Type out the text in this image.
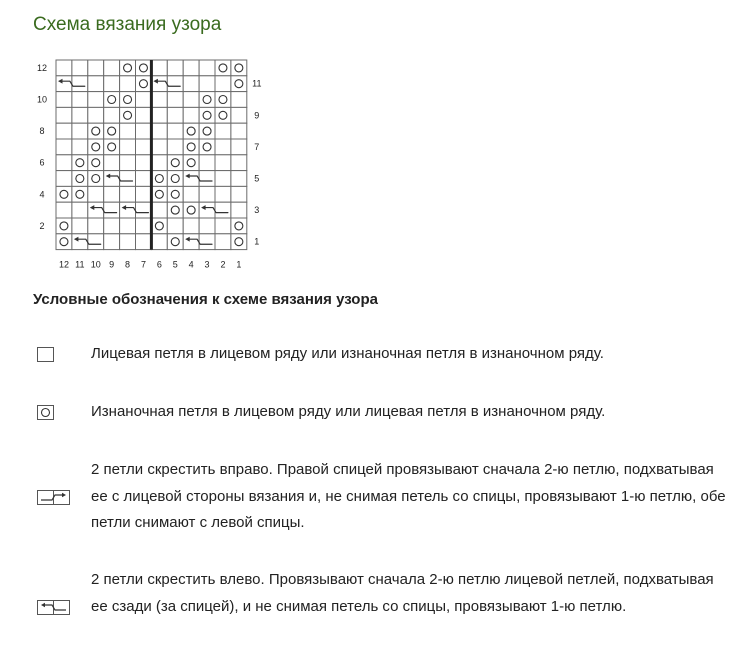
Схема вязания узора
12
10
8
6
4
2
11
9
7
5
3
1
12 11 10 9 8 7 6 5 4 3 2 1
Условные обозначения к схеме вязания узора
Лицевая петля в лицевом ряду или изнаночная петля в изнаночном ряду.
Изнаночная петля в лицевом ряду или лицевая петля в изнаночном ряду.
2 петли скрестить вправо. Правой спицей провязывают сначала 2-ю петлю, подхватывая ее с лицевой стороны вязания и, не снимая петель со спицы, провязывают 1-ю петлю, обе петли снимают с левой спицы.
2 петли скрестить влево. Провязывают сначала 2-ю петлю лицевой петлей, подхватывая ее сзади (за спицей), и не снимая петель со спицы, провязывают 1-ю петлю.
